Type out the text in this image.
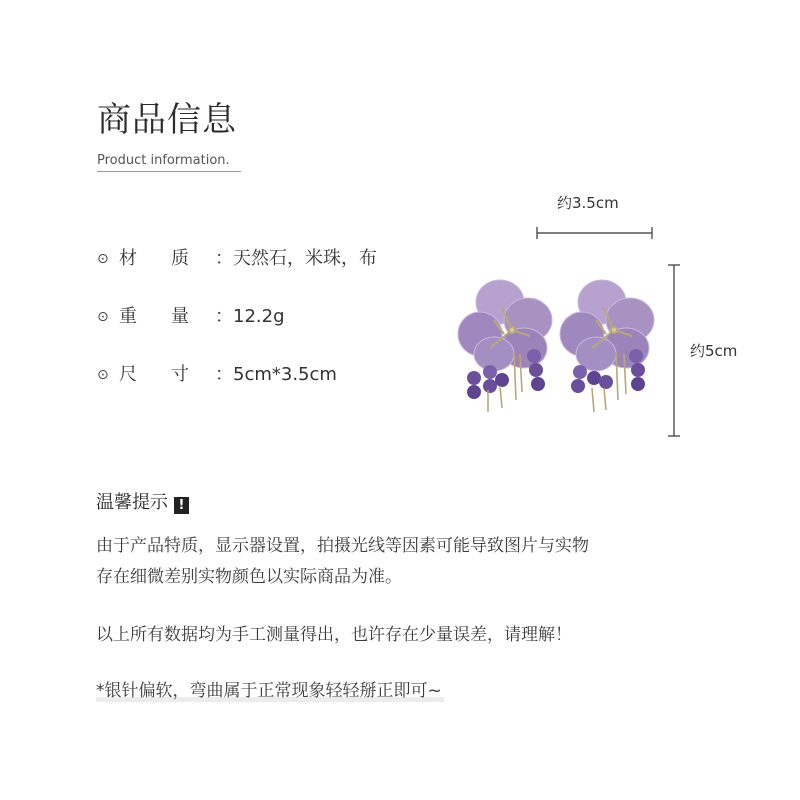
商品信息
Product information.
⊙ 材 质 ：天然石，米珠，布
⊙ 重 量 ：12.2g
⊙ 尺 寸 ：5cm*3.5cm
约3.5cm
约5cm
温馨提示 !
由于产品特质，显示器设置，拍摄光线等因素可能导致图片与实物
存在细微差别实物颜色以实际商品为准。
以上所有数据均为手工测量得出，也许存在少量误差，请理解！
*银针偏软，弯曲属于正常现象轻轻掰正即可~
